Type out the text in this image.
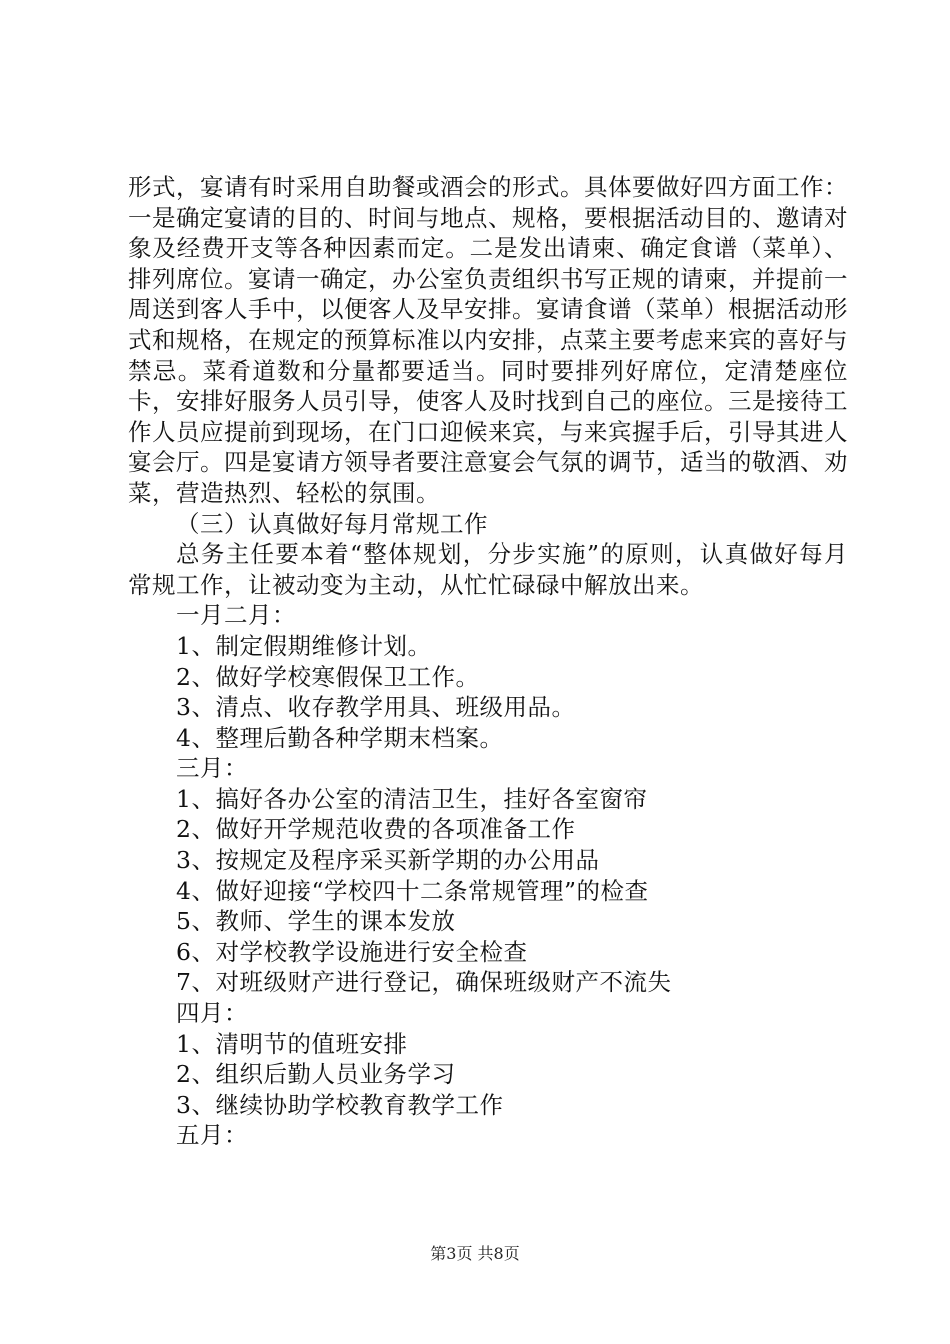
形式，宴请有时采用自助餐或酒会的形式。具体要做好四方面工作：一是确定宴请的目的、时间与地点、规格，要根据活动目的、邀请对象及经费开支等各种因素而定。二是发出请柬、确定食谱（菜单）、排列席位。宴请一确定，办公室负责组织书写正规的请柬，并提前一周送到客人手中，以便客人及早安排。宴请食谱（菜单）根据活动形式和规格，在规定的预算标准以内安排，点菜主要考虑来宾的喜好与禁忌。菜肴道数和分量都要适当。同时要排列好席位，定清楚座位卡，安排好服务人员引导，使客人及时找到自己的座位。三是接待工作人员应提前到现场，在门口迎候来宾，与来宾握手后，引导其进人宴会厅。四是宴请方领导者要注意宴会气氛的调节，适当的敬酒、劝菜，营造热烈、轻松的氛围。

（三）认真做好每月常规工作

总务主任要本着“整体规划，分步实施”的原则，认真做好每月常规工作，让被动变为主动，从忙忙碌碌中解放出来。

一月二月：

1、制定假期维修计划。

2、做好学校寒假保卫工作。

3、清点、收存教学用具、班级用品。

4、整理后勤各种学期末档案。

三月：

1、搞好各办公室的清洁卫生，挂好各室窗帘

2、做好开学规范收费的各项准备工作

3、按规定及程序采买新学期的办公用品

4、做好迎接“学校四十二条常规管理”的检查

5、教师、学生的课本发放

6、对学校教学设施进行安全检查

7、对班级财产进行登记，确保班级财产不流失

四月：

1、清明节的值班安排

2、组织后勤人员业务学习

3、继续协助学校教育教学工作

五月：

第3页 共8页
